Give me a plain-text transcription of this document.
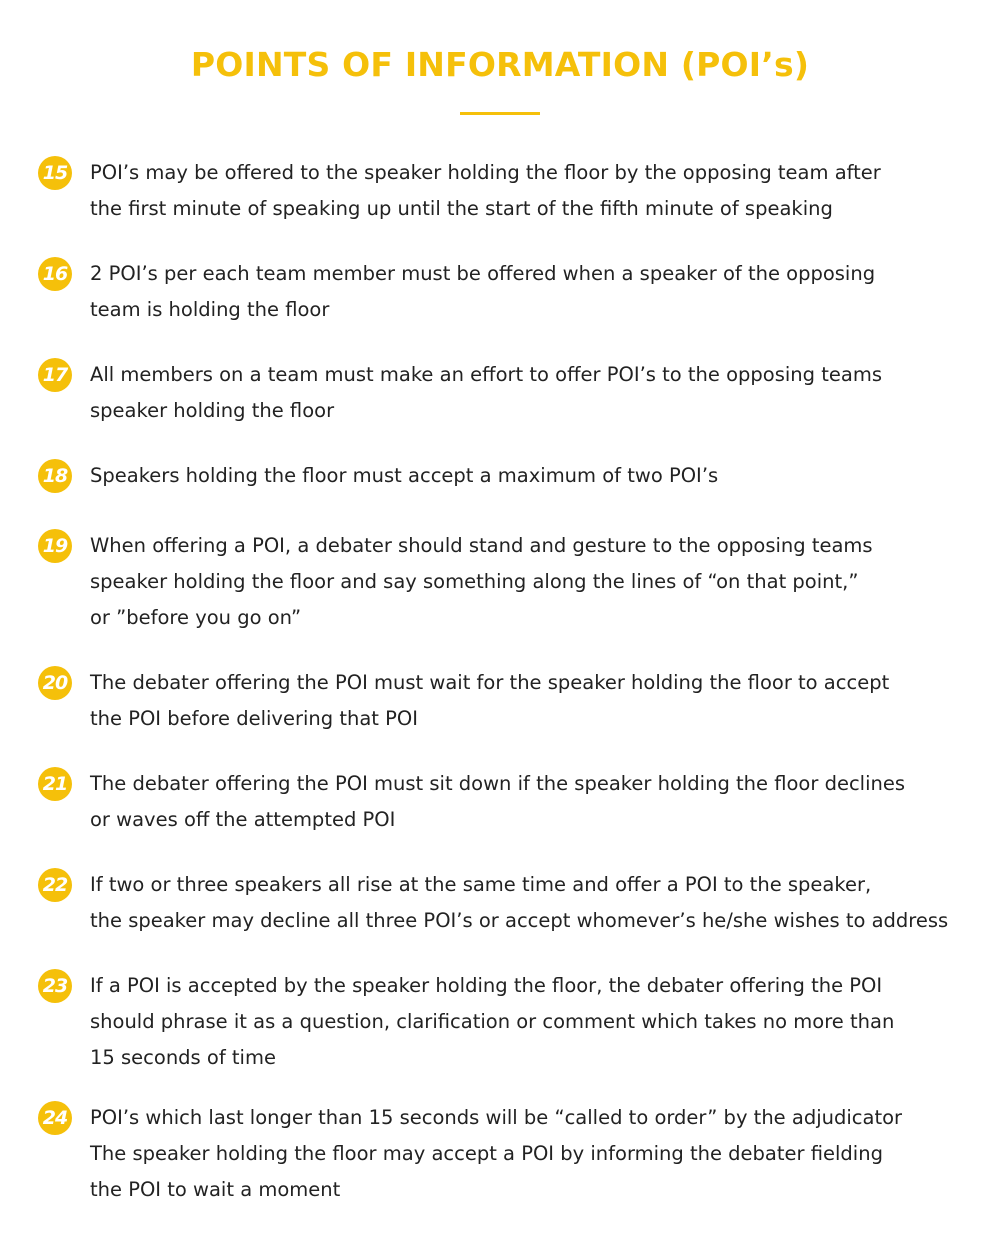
POINTS OF INFORMATION (POI’s)
15 POI’s may be offered to the speaker holding the floor by the opposing team after
the first minute of speaking up until the start of the fifth minute of speaking

16 2 POI’s per each team member must be offered when a speaker of the opposing
team is holding the floor

17 All members on a team must make an effort to offer POI’s to the opposing teams
speaker holding the floor

18 Speakers holding the floor must accept a maximum of two POI’s

19 When offering a POI, a debater should stand and gesture to the opposing teams
speaker holding the floor and say something along the lines of “on that point,”
or ”before you go on”

20 The debater offering the POI must wait for the speaker holding the floor to accept
the POI before delivering that POI

21 The debater offering the POI must sit down if the speaker holding the floor declines
or waves off the attempted POI

22 If two or three speakers all rise at the same time and offer a POI to the speaker,
the speaker may decline all three POI’s or accept whomever’s he/she wishes to address

23 If a POI is accepted by the speaker holding the floor, the debater offering the POI
should phrase it as a question, clarification or comment which takes no more than
15 seconds of time

24 POI’s which last longer than 15 seconds will be “called to order” by the adjudicator
The speaker holding the floor may accept a POI by informing the debater fielding
the POI to wait a moment
